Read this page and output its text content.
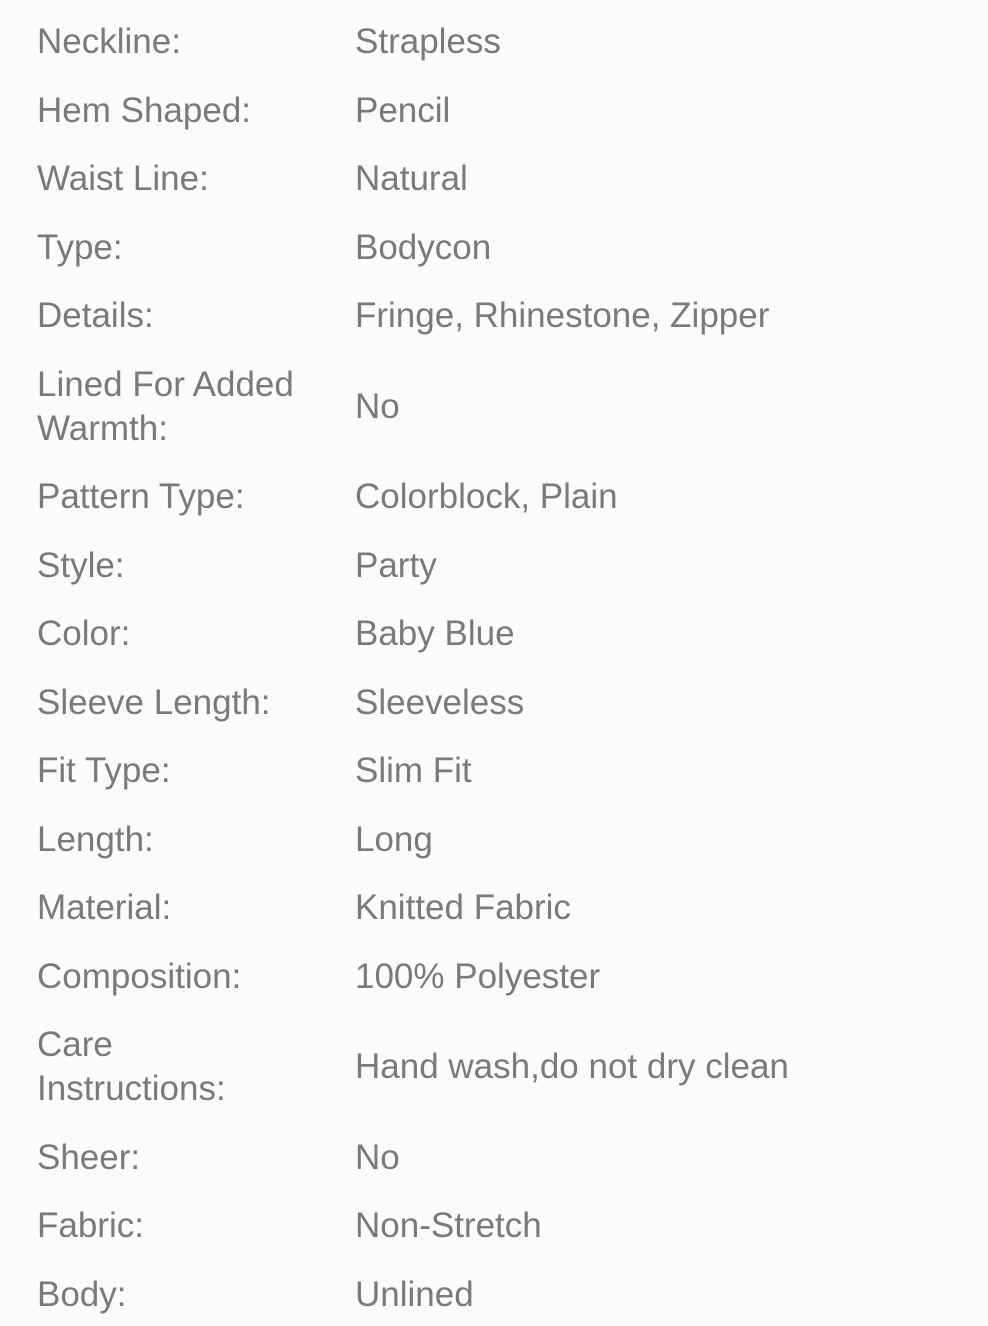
Neckline:	Strapless
Hem Shaped:	Pencil
Waist Line:	Natural
Type:	Bodycon
Details:	Fringe, Rhinestone, Zipper
Lined For Added Warmth:
No
Pattern Type:	Colorblock, Plain
Style:	Party
Color:	Baby Blue
Sleeve Length:	Sleeveless
Fit Type:	Slim Fit
Length:	Long
Material:	Knitted Fabric
Composition:	100% Polyester
Care Instructions:
Hand wash,do not dry clean
Sheer:	No
Fabric:	Non-Stretch
Body:	Unlined
